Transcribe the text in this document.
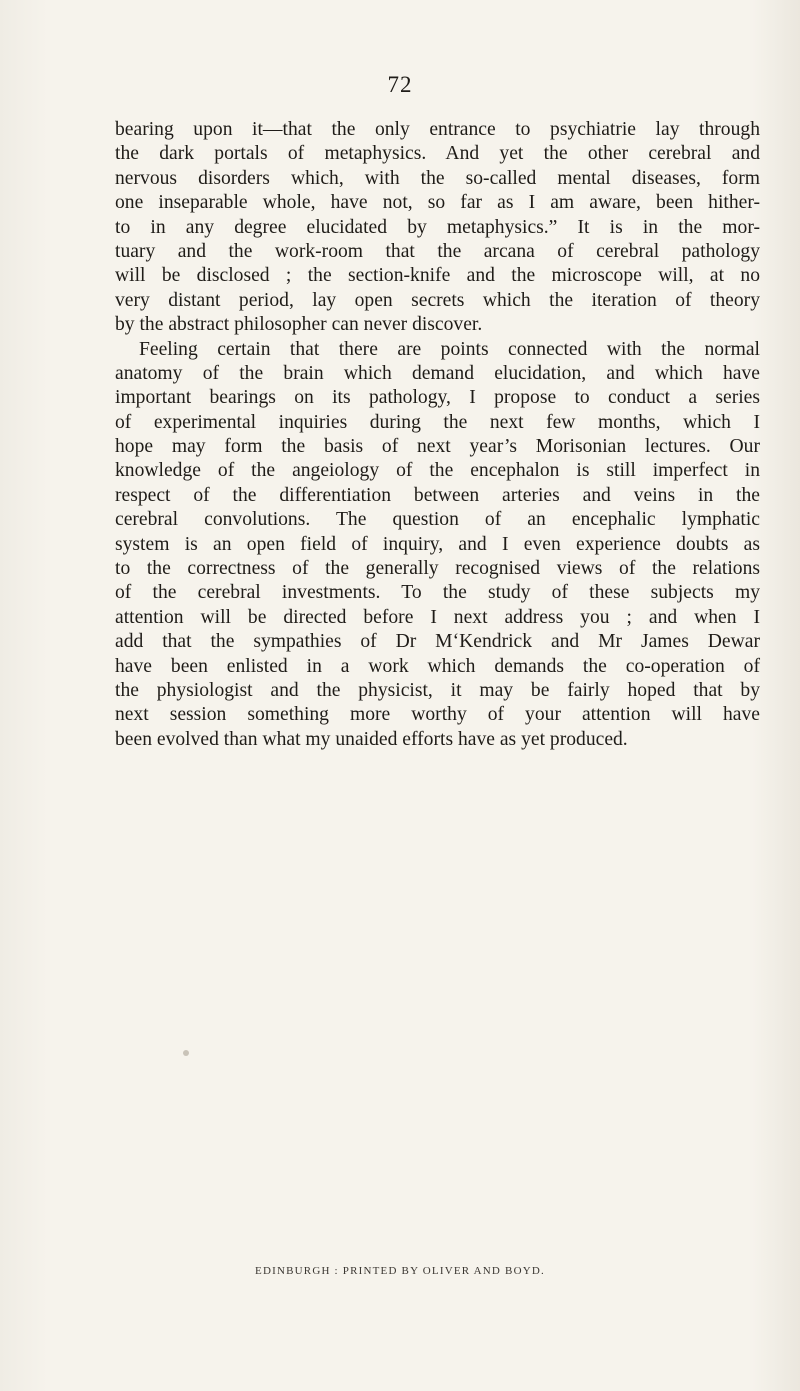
72
bearing upon it—that the only entrance to psychiatrie lay through
the dark portals of metaphysics. And yet the other cerebral and
nervous disorders which, with the so-called mental diseases, form
one inseparable whole, have not, so far as I am aware, been hither-
to in any degree elucidated by metaphysics.” It is in the mor-
tuary and the work-room that the arcana of cerebral pathology
will be disclosed ; the section-knife and the microscope will, at no
very distant period, lay open secrets which the iteration of theory
by the abstract philosopher can never discover.
Feeling certain that there are points connected with the normal
anatomy of the brain which demand elucidation, and which have
important bearings on its pathology, I propose to conduct a series
of experimental inquiries during the next few months, which I
hope may form the basis of next year’s Morisonian lectures. Our
knowledge of the angeiology of the encephalon is still imperfect in
respect of the differentiation between arteries and veins in the
cerebral convolutions. The question of an encephalic lymphatic
system is an open field of inquiry, and I even experience doubts as
to the correctness of the generally recognised views of the relations
of the cerebral investments. To the study of these subjects my
attention will be directed before I next address you ; and when I
add that the sympathies of Dr M‘Kendrick and Mr James Dewar
have been enlisted in a work which demands the co-operation of
the physiologist and the physicist, it may be fairly hoped that by
next session something more worthy of your attention will have
been evolved than what my unaided efforts have as yet produced.
EDINBURGH : PRINTED BY OLIVER AND BOYD.
